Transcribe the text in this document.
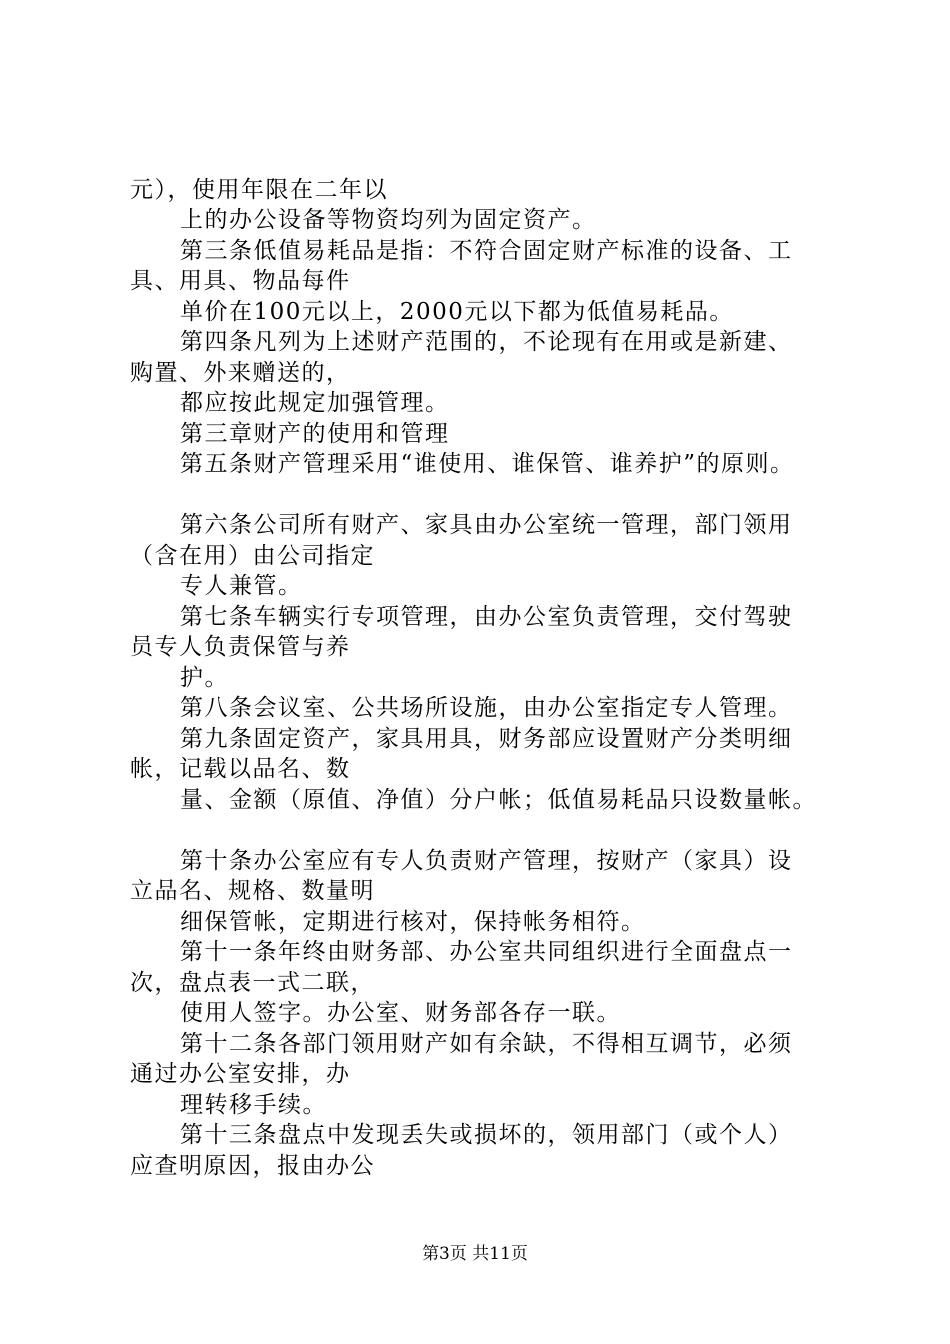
元），使用年限在二年以
上的办公设备等物资均列为固定资产。
第三条低值易耗品是指：不符合固定财产标准的设备、工
具、用具、物品每件
单价在100元以上，2000元以下都为低值易耗品。
第四条凡列为上述财产范围的，不论现有在用或是新建、
购置、外来赠送的，
都应按此规定加强管理。
第三章财产的使用和管理
第五条财产管理采用“谁使用、谁保管、谁养护”的原则。
第六条公司所有财产、家具由办公室统一管理，部门领用
（含在用）由公司指定
专人兼管。
第七条车辆实行专项管理，由办公室负责管理，交付驾驶
员专人负责保管与养
护。
第八条会议室、公共场所设施，由办公室指定专人管理。
第九条固定资产，家具用具，财务部应设置财产分类明细
帐，记载以品名、数
量、金额（原值、净值）分户帐；低值易耗品只设数量帐。
第十条办公室应有专人负责财产管理，按财产（家具）设
立品名、规格、数量明
细保管帐，定期进行核对，保持帐务相符。
第十一条年终由财务部、办公室共同组织进行全面盘点一
次，盘点表一式二联，
使用人签字。办公室、财务部各存一联。
第十二条各部门领用财产如有余缺，不得相互调节，必须
通过办公室安排，办
理转移手续。
第十三条盘点中发现丢失或损坏的，领用部门（或个人）
应查明原因，报由办公
第3页 共11页
